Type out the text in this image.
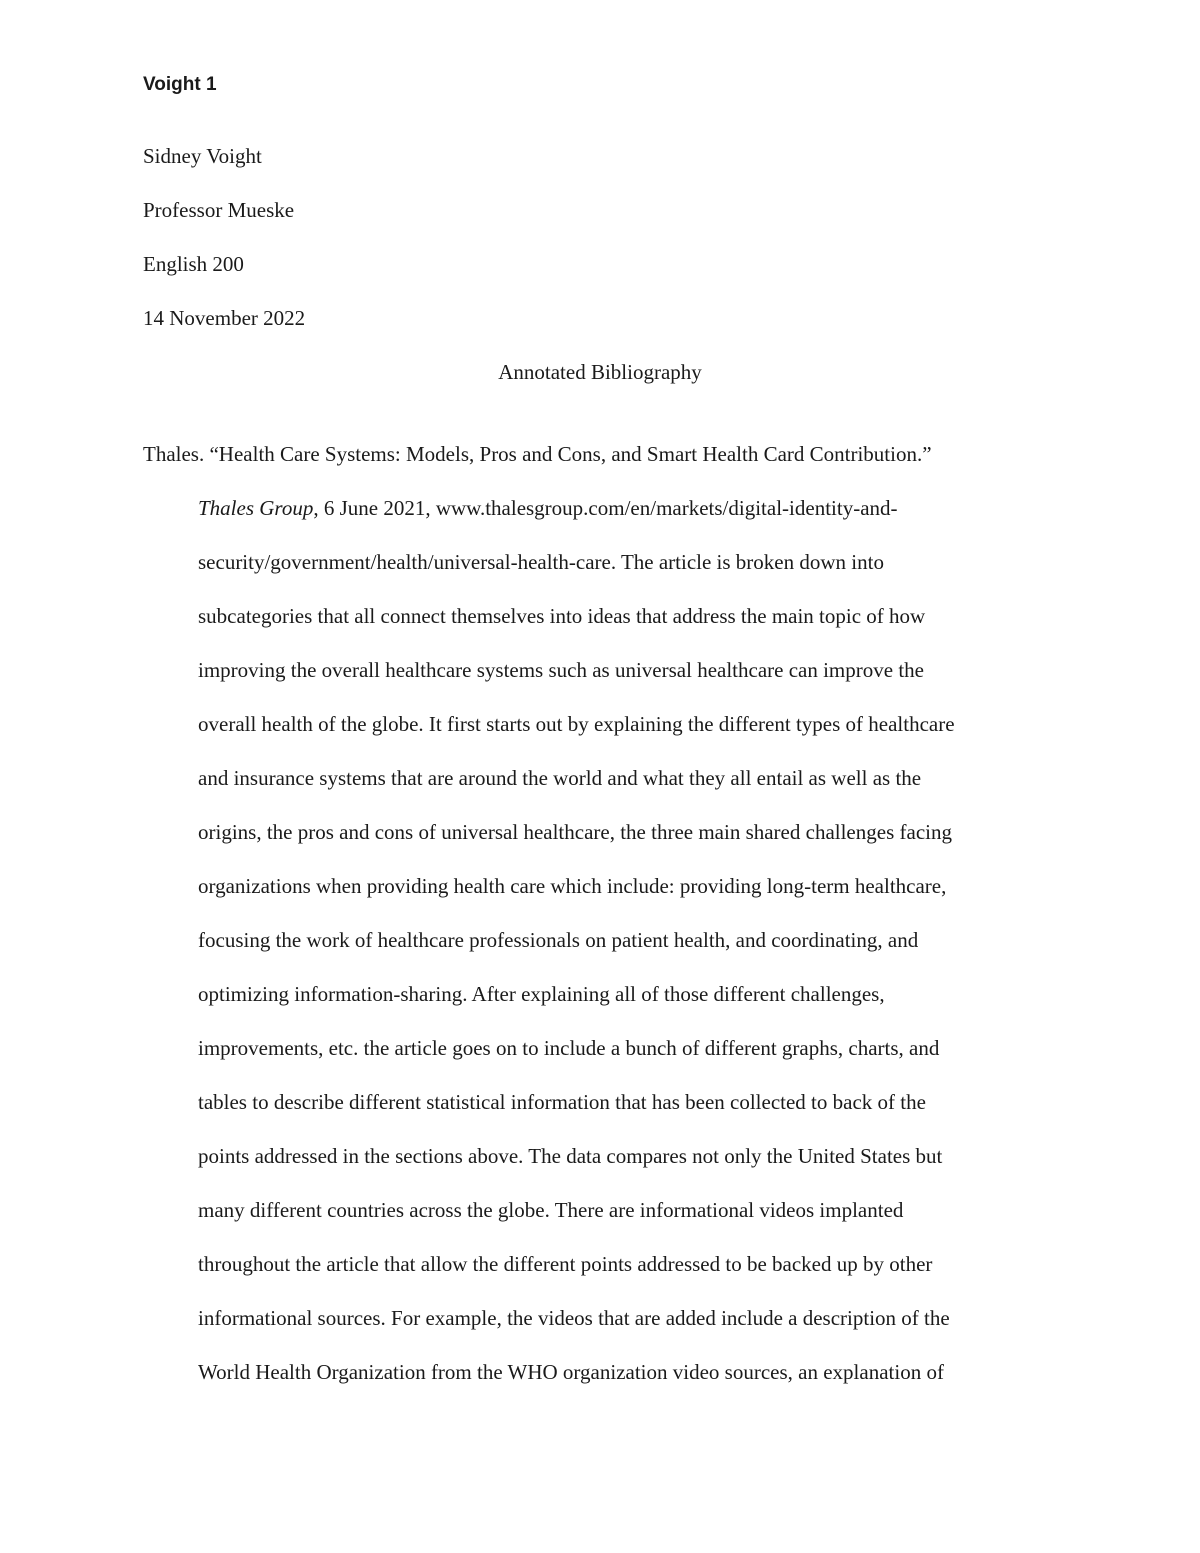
Voight 1
Sidney Voight
Professor Mueske
English 200
14 November 2022
Annotated Bibliography
Thales. “Health Care Systems: Models, Pros and Cons, and Smart Health Card Contribution.”
Thales Group, 6 June 2021, www.thalesgroup.com/en/markets/digital-identity-and-
security/government/health/universal-health-care. The article is broken down into
subcategories that all connect themselves into ideas that address the main topic of how
improving the overall healthcare systems such as universal healthcare can improve the
overall health of the globe. It first starts out by explaining the different types of healthcare
and insurance systems that are around the world and what they all entail as well as the
origins, the pros and cons of universal healthcare, the three main shared challenges facing
organizations when providing health care which include: providing long-term healthcare,
focusing the work of healthcare professionals on patient health, and coordinating, and
optimizing information-sharing. After explaining all of those different challenges,
improvements, etc. the article goes on to include a bunch of different graphs, charts, and
tables to describe different statistical information that has been collected to back of the
points addressed in the sections above. The data compares not only the United States but
many different countries across the globe. There are informational videos implanted
throughout the article that allow the different points addressed to be backed up by other
informational sources. For example, the videos that are added include a description of the
World Health Organization from the WHO organization video sources, an explanation of
